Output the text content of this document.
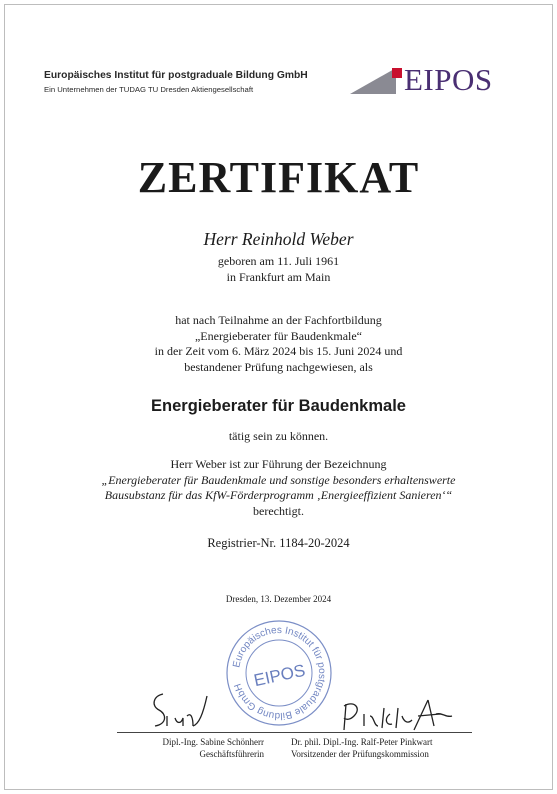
Europäisches Institut für postgraduale Bildung GmbH
Ein Unternehmen der TUDAG TU Dresden Aktiengesellschaft	EIPOS
ZERTIFIKAT
Herr Reinhold Weber
geboren am 11. Juli 1961
in Frankfurt am Main
hat nach Teilnahme an der Fachfortbildung
„Energieberater für Baudenkmale“
in der Zeit vom 6. März 2024 bis 15. Juni 2024 und
bestandener Prüfung nachgewiesen, als
Energieberater für Baudenkmale
tätig sein zu können.
Herr Weber ist zur Führung der Bezeichnung
„Energieberater für Baudenkmale und sonstige besonders erhaltenswerte
Bausubstanz für das KfW-Förderprogramm ‚Energieeffizient Sanieren‘“
berechtigt.
Registrier-Nr. 1184-20-2024
Dresden, 13. Dezember 2024
Europäisches Institut für postgraduale Bildung GmbH EIPOS
Dipl.-Ing. Sabine Schönherr
Geschäftsführerin
Dr. phil. Dipl.-Ing. Ralf-Peter Pinkwart
Vorsitzender der Prüfungskommission
